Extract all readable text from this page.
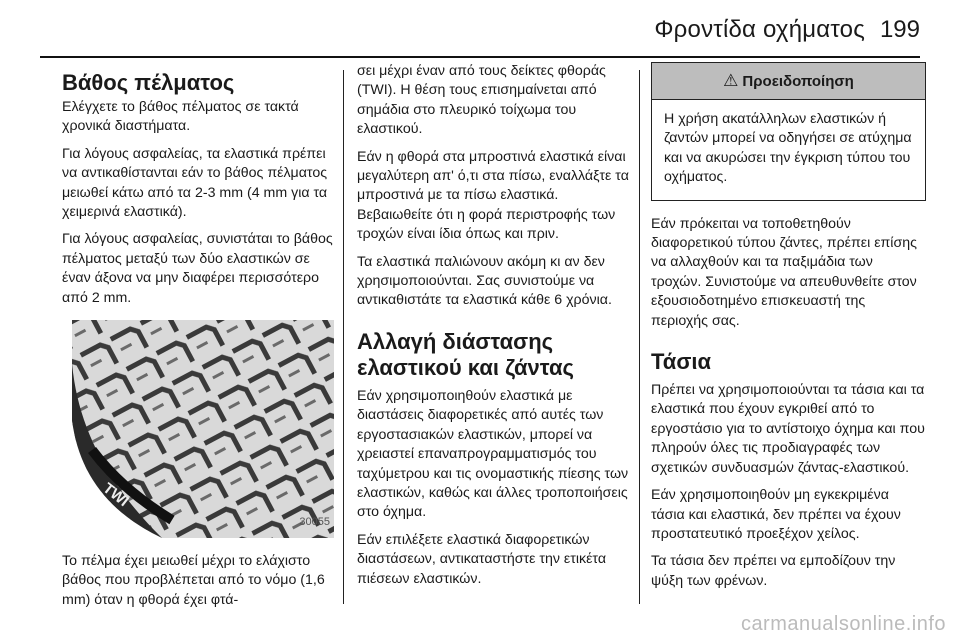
Φροντίδα οχήματος 199
Βάθος πέλματος

Ελέγχετε το βάθος πέλματος σε τακτά χρονικά διαστήματα.

Για λόγους ασφαλείας, τα ελαστικά πρέπει να αντικαθίστανται εάν το βάθος πέλματος μειωθεί κάτω από τα 2-3 mm (4 mm για τα χειμερινά ελαστικά).

Για λόγους ασφαλείας, συνιστάται το βάθος πέλματος μεταξύ των δύο ελαστικών σε έναν άξονα να μην διαφέρει περισσότερο από 2 mm.

TWI
30055

Το πέλμα έχει μειωθεί μέχρι το ελάχιστο βάθος που προβλέπεται από το νόμο (1,6 mm) όταν η φθορά έχει φτά-

σει μέχρι έναν από τους δείκτες φθοράς (TWI). Η θέση τους επισημαίνεται από σημάδια στο πλευρικό τοίχωμα του ελαστικού.

Εάν η φθορά στα μπροστινά ελαστικά είναι μεγαλύτερη απ' ό,τι στα πίσω, εναλλάξτε τα μπροστινά με τα πίσω ελαστικά. Βεβαιωθείτε ότι η φορά περιστροφής των τροχών είναι ίδια όπως και πριν.

Τα ελαστικά παλιώνουν ακόμη κι αν δεν χρησιμοποιούνται. Σας συνιστούμε να αντικαθιστάτε τα ελαστικά κάθε 6 χρόνια.

Αλλαγή διάστασης ελαστικού και ζάντας

Εάν χρησιμοποιηθούν ελαστικά με διαστάσεις διαφορετικές από αυτές των εργοστασιακών ελαστικών, μπορεί να χρειαστεί επαναπρογραμματισμός του ταχύμετρου και τις ονομαστικής πίεσης των ελαστικών, καθώς και άλλες τροποποιήσεις στο όχημα.

Εάν επιλέξετε ελαστικά διαφορετικών διαστάσεων, αντικαταστήστε την ετικέτα πιέσεων ελαστικών.

⚠ Προειδοποίηση
Η χρήση ακατάλληλων ελαστικών ή ζαντών μπορεί να οδηγήσει σε ατύχημα και να ακυρώσει την έγκριση τύπου του οχήματος.

Εάν πρόκειται να τοποθετηθούν διαφορετικού τύπου ζάντες, πρέπει επίσης να αλλαχθούν και τα παξιμάδια των τροχών. Συνιστούμε να απευθυνθείτε στον εξουσιοδοτημένο επισκευαστή της περιοχής σας.

Τάσια

Πρέπει να χρησιμοποιούνται τα τάσια και τα ελαστικά που έχουν εγκριθεί από το εργοστάσιο για το αντίστοιχο όχημα και που πληρούν όλες τις προδιαγραφές των σχετικών συνδυασμών ζάντας-ελαστικού.

Εάν χρησιμοποιηθούν μη εγκεκριμένα τάσια και ελαστικά, δεν πρέπει να έχουν προστατευτικό προεξέχον χείλος.

Τα τάσια δεν πρέπει να εμποδίζουν την ψύξη των φρένων.

carmanualsonline.info
